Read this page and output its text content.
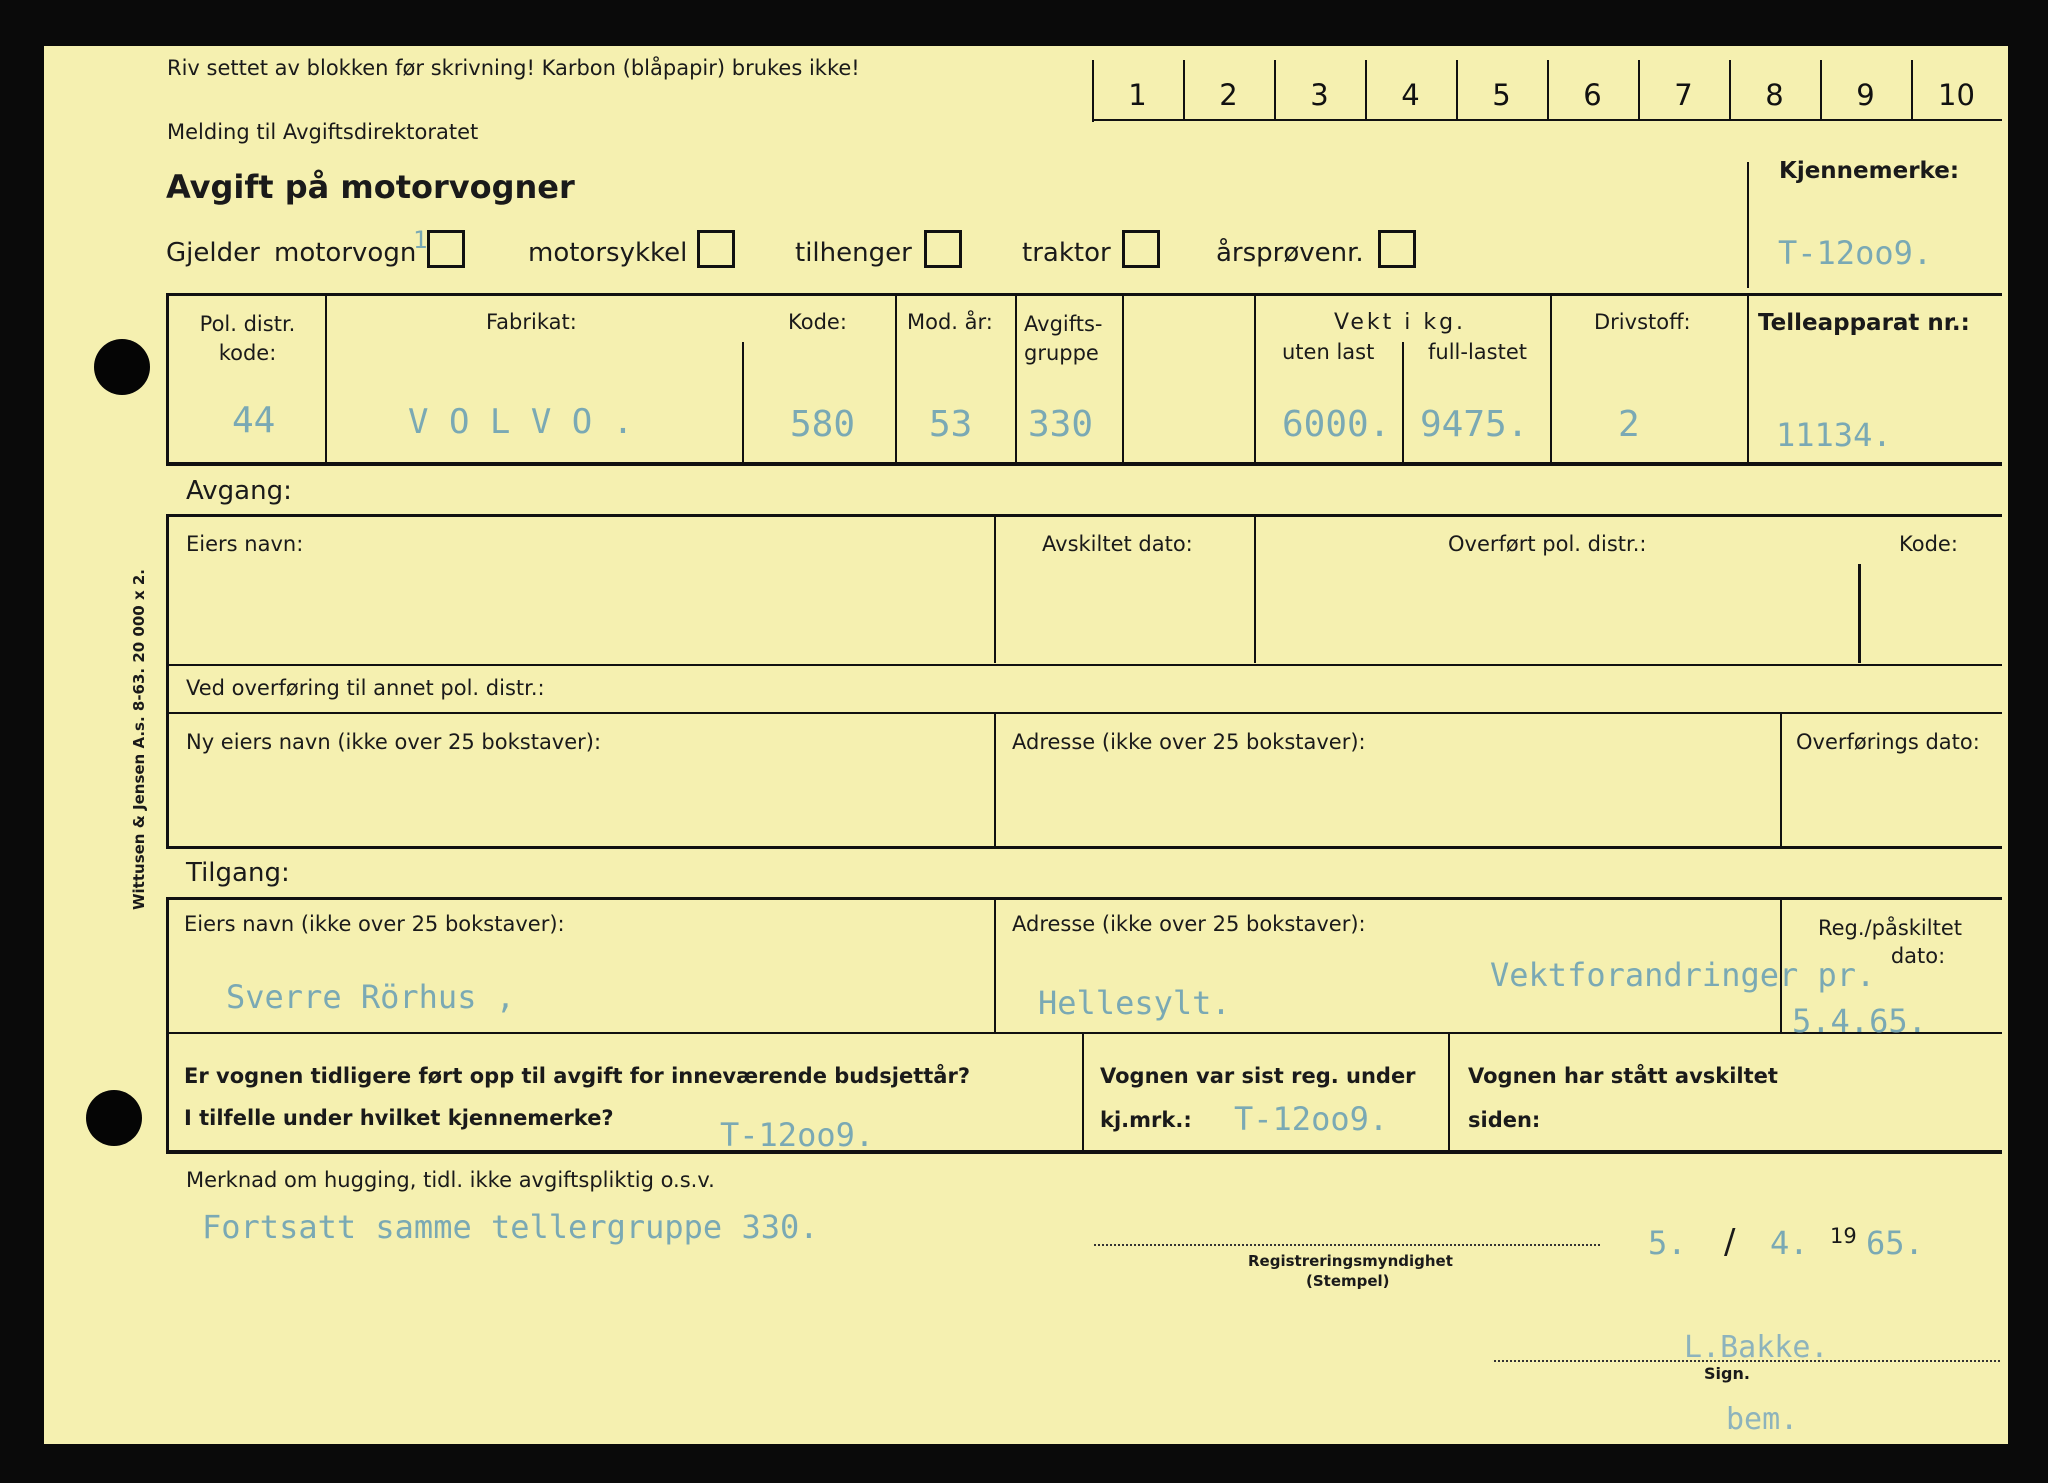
Riv settet av blokken før skrivning! Karbon (blåpapir) brukes ikke!
Melding til Avgiftsdirektoratet
Avgift på motorvogner
1	2	3	4	5	6	7	8	9	10
Gjelder motorvogn
1	motorsykkel	tilhenger	traktor	årsprøvenr.
Kjennemerke:
T-12oo9.
Pol. distr. kode:
44
Fabrikat:
V O L V O .
Kode:
580
Mod. år:
53
Avgifts-gruppe
330
Vekt i kg.
uten last
6000.
full-lastet
9475.
Drivstoff:
2
Telleapparat nr.:
11134.
Avgang:
Eiers navn:	Avskiltet dato:	Overført pol. distr.:	Kode:
Ved overføring til annet pol. distr.:
Ny eiers navn (ikke over 25 bokstaver):	Adresse (ikke over 25 bokstaver):	Overførings dato:
Tilgang:
Eiers navn (ikke over 25 bokstaver):
Sverre Rörhus ,
Adresse (ikke over 25 bokstaver):
Hellesylt.
Reg./påskiltet
dato:
Vektforandringer pr.
5.4.65.
Er vognen tidligere ført opp til avgift for inneværende budsjettår?
I tilfelle under hvilket kjennemerke?	T-12oo9.
Vognen var sist reg. under
kj.mrk.: T-12oo9.
Vognen har stått avskiltet
siden:
Merknad om hugging, tidl. ikke avgiftspliktig o.s.v.
Fortsatt samme tellergruppe 330.
Registreringsmyndighet
(Stempel)
5. / 4. 19 65.
L.Bakke.
Sign.
bem.
Wittusen & Jensen A.s. 8-63. 20 000 x 2.
